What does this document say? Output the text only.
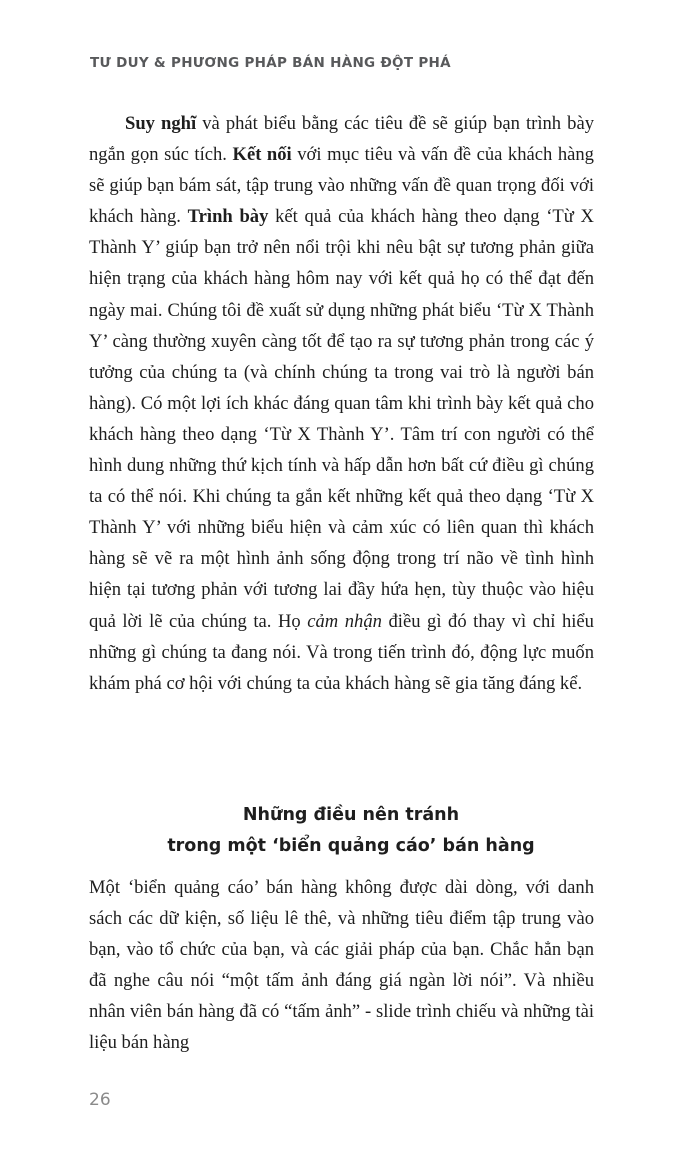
TƯ DUY & PHƯƠNG PHÁP BÁN HÀNG ĐỘT PHÁ

Suy nghĩ và phát biểu bằng các tiêu đề sẽ giúp bạn trình bày ngắn gọn súc tích. Kết nối với mục tiêu và vấn đề của khách hàng sẽ giúp bạn bám sát, tập trung vào những vấn đề quan trọng đối với khách hàng. Trình bày kết quả của khách hàng theo dạng ‘Từ X Thành Y’ giúp bạn trở nên nổi trội khi nêu bật sự tương phản giữa hiện trạng của khách hàng hôm nay với kết quả họ có thể đạt đến ngày mai. Chúng tôi đề xuất sử dụng những phát biểu ‘Từ X Thành Y’ càng thường xuyên càng tốt để tạo ra sự tương phản trong các ý tưởng của chúng ta (và chính chúng ta trong vai trò là người bán hàng). Có một lợi ích khác đáng quan tâm khi trình bày kết quả cho khách hàng theo dạng ‘Từ X Thành Y’. Tâm trí con người có thể hình dung những thứ kịch tính và hấp dẫn hơn bất cứ điều gì chúng ta có thể nói. Khi chúng ta gắn kết những kết quả theo dạng ‘Từ X Thành Y’ với những biểu hiện và cảm xúc có liên quan thì khách hàng sẽ vẽ ra một hình ảnh sống động trong trí não về tình hình hiện tại tương phản với tương lai đầy hứa hẹn, tùy thuộc vào hiệu quả lời lẽ của chúng ta. Họ cảm nhận điều gì đó thay vì chỉ hiểu những gì chúng ta đang nói. Và trong tiến trình đó, động lực muốn khám phá cơ hội với chúng ta của khách hàng sẽ gia tăng đáng kể.

Những điều nên tránh
trong một ‘biển quảng cáo’ bán hàng

Một ‘biển quảng cáo’ bán hàng không được dài dòng, với danh sách các dữ kiện, số liệu lê thê, và những tiêu điểm tập trung vào bạn, vào tổ chức của bạn, và các giải pháp của bạn. Chắc hẳn bạn đã nghe câu nói “một tấm ảnh đáng giá ngàn lời nói”. Và nhiều nhân viên bán hàng đã có “tấm ảnh” - slide trình chiếu và những tài liệu bán hàng

26
